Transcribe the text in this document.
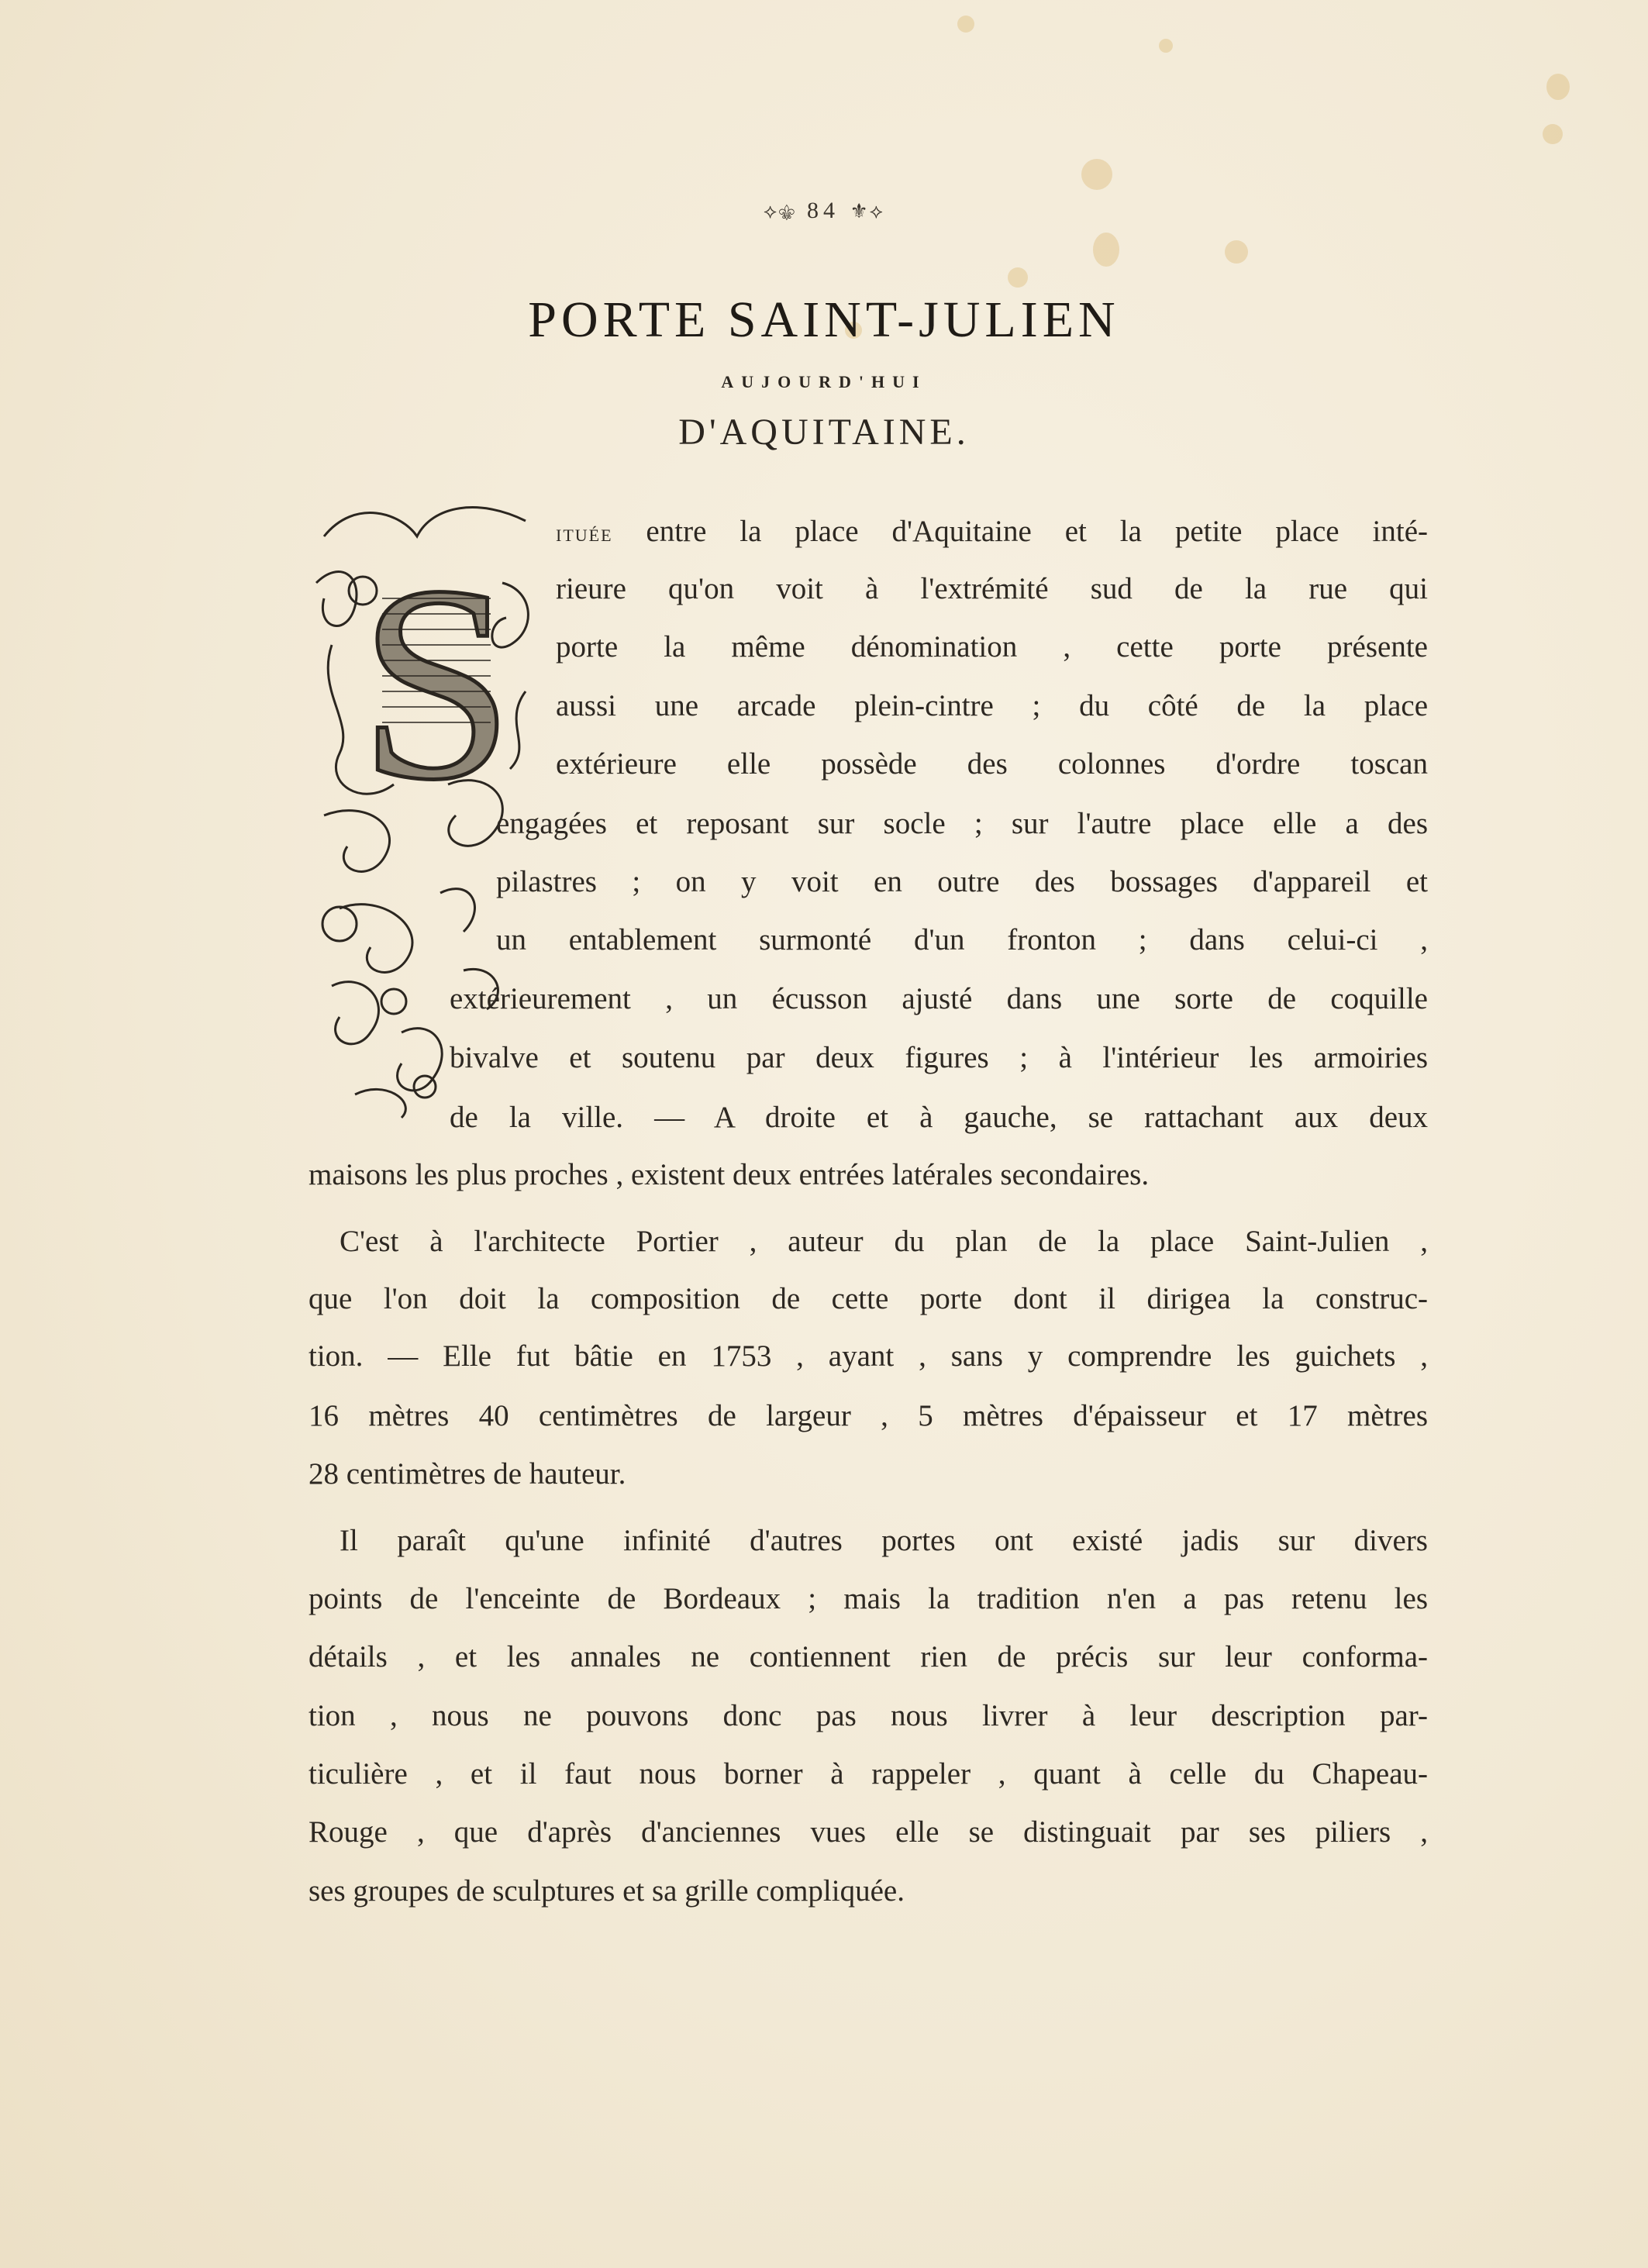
⟡⚜ 84 ⚜⟡
PORTE SAINT-JULIEN
AUJOURD'HUI
D'AQUITAINE.
S ituée entre la place d'Aquitaine et la petite place inté-
rieure qu'on voit à l'extrémité sud de la rue qui
porte la même dénomination , cette porte présente
aussi une arcade plein-cintre ; du côté de la place
extérieure elle possède des colonnes d'ordre toscan
engagées et reposant sur socle ; sur l'autre place elle a des
pilastres ; on y voit en outre des bossages d'appareil et
un entablement surmonté d'un fronton ; dans celui-ci ,
extérieurement , un écusson ajusté dans une sorte de coquille
bivalve et soutenu par deux figures ; à l'intérieur les armoiries
de la ville. — A droite et à gauche, se rattachant aux deux
maisons les plus proches , existent deux entrées latérales secondaires.
C'est à l'architecte Portier , auteur du plan de la place Saint-Julien ,
que l'on doit la composition de cette porte dont il dirigea la construc-
tion. — Elle fut bâtie en 1753 , ayant , sans y comprendre les guichets ,
16 mètres 40 centimètres de largeur , 5 mètres d'épaisseur et 17 mètres
28 centimètres de hauteur.
Il paraît qu'une infinité d'autres portes ont existé jadis sur divers
points de l'enceinte de Bordeaux ; mais la tradition n'en a pas retenu les
détails , et les annales ne contiennent rien de précis sur leur conforma-
tion , nous ne pouvons donc pas nous livrer à leur description par-
ticulière , et il faut nous borner à rappeler , quant à celle du Chapeau-
Rouge , que d'après d'anciennes vues elle se distinguait par ses piliers ,
ses groupes de sculptures et sa grille compliquée.
